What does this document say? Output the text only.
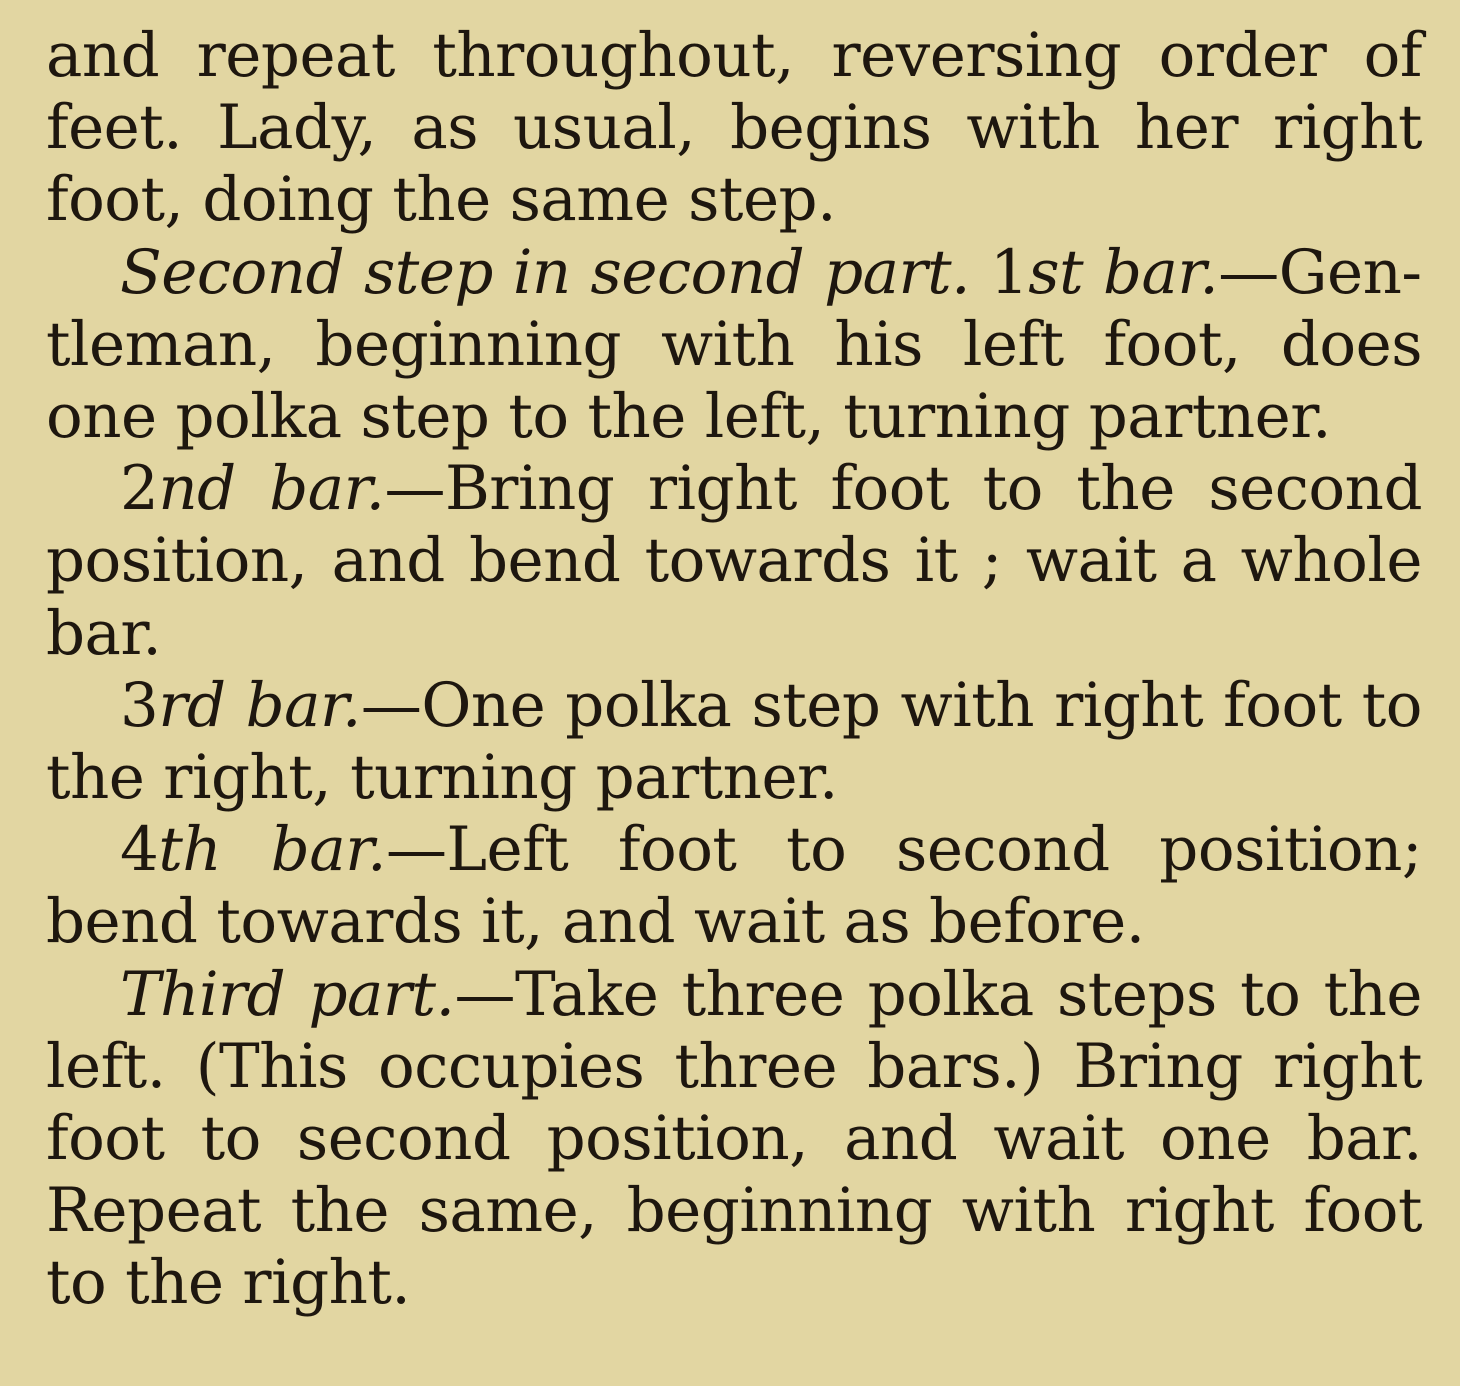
and repeat throughout, reversing order of feet. Lady, as usual, begins with her right foot, doing the same step.

Second step in second part. 1st bar.—Gentleman, beginning with his left foot, does one polka step to the left, turning partner.

2nd bar.—Bring right foot to the second position, and bend towards it ; wait a whole bar.

3rd bar.—One polka step with right foot to the right, turning partner.

4th bar.—Left foot to second position; bend towards it, and wait as before.

Third part.—Take three polka steps to the left. (This occupies three bars.) Bring right foot to second position, and wait one bar. Repeat the same, beginning with right foot to the right.
